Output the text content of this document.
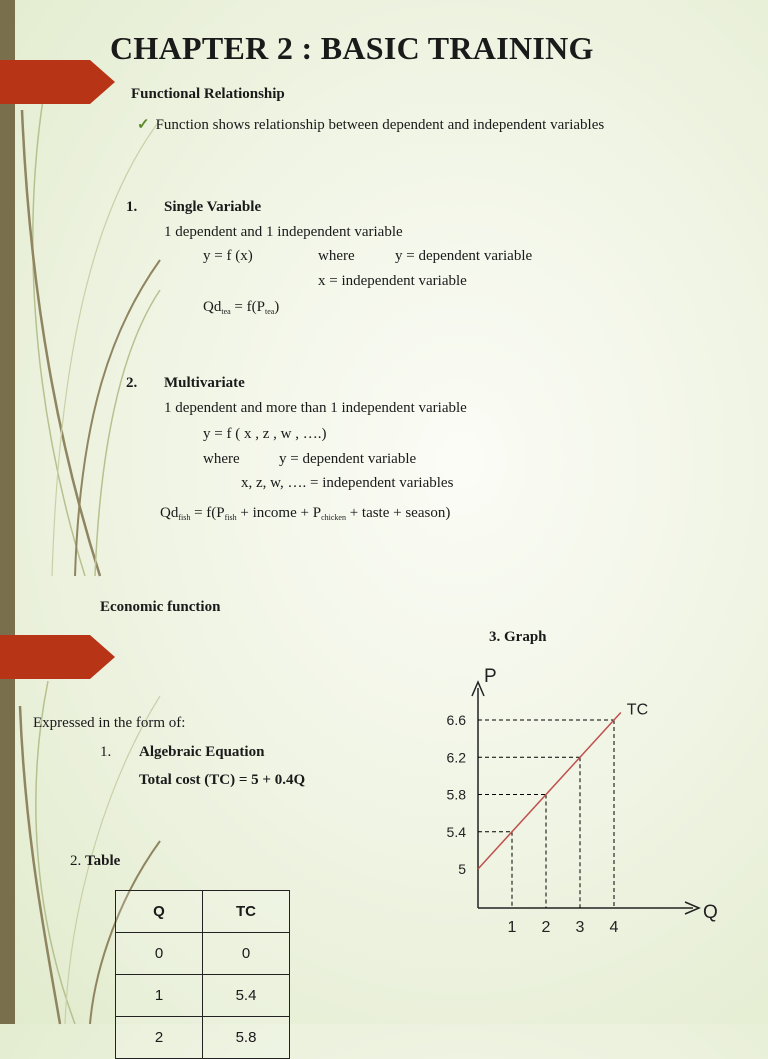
CHAPTER 2 : BASIC TRAINING
Functional Relationship
✓ Function shows relationship between dependent and independent variables
1. Single Variable
1 dependent and 1 independent variable
y = f (x)	where	y = dependent variable
x = independent variable
$Qd_{tea} = f(P_{tea})$
2. Multivariate
1 dependent and more than 1 independent variable
y = f ( x , z , w , ….)
where	y = dependent variable
x, z, w, …. = independent variables
$Qd_{fish} = f(P_{fish}$ + income + $P_{chicken}$ + taste + season)
Economic function
3. Graph
Expressed in the form of:
1. Algebraic Equation
Total cost (TC) = 5 + 0.4Q
2. Table
Q	TC
0	0
1	5.4
2	5.8
P
Q
TC
5
5.4
5.8
6.2
6.6
1 2 3 4
